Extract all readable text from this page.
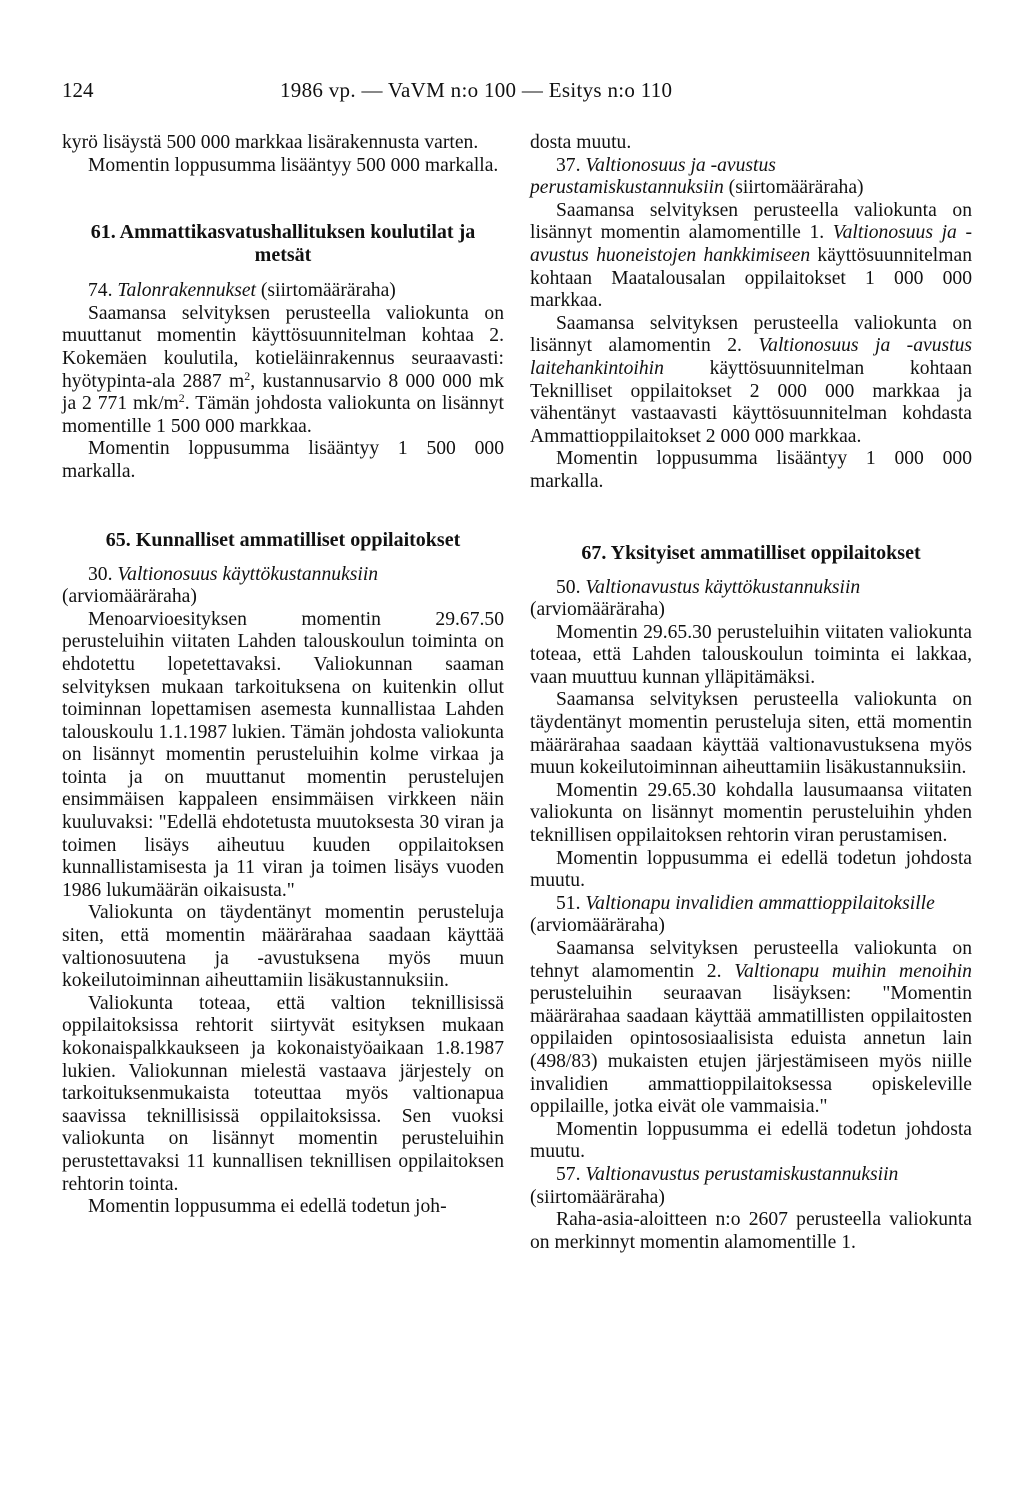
124	1986 vp. — VaVM n:o 100 — Esitys n:o 110

kyrö lisäystä 500 000 markkaa lisärakennusta varten.

Momentin loppusumma lisääntyy 500 000 markalla.

61. Ammattikasvatushallituksen koulutilat ja metsät

74. Talonrakennukset (siirtomääräraha)

Saamansa selvityksen perusteella valiokunta on muuttanut momentin käyttösuunnitelman kohtaa 2. Kokemäen koulutila, kotieläinrakennus seuraavasti: hyötypinta-ala 2887 $m^2$, kustannusarvio 8 000 000 mk ja 2 771 $mk/m^2$. Tämän johdosta valiokunta on lisännyt momentille 1 500 000 markkaa.

Momentin loppusumma lisääntyy 1 500 000 markalla.

65. Kunnalliset ammatilliset oppilaitokset

30. Valtionosuus käyttökustannuksiin (arviomääräraha)

Menoarvioesityksen momentin 29.67.50 perusteluihin viitaten Lahden talouskoulun toiminta on ehdotettu lopetettavaksi. Valiokunnan saaman selvityksen mukaan tarkoituksena on kuitenkin ollut toiminnan lopettamisen asemesta kunnallistaa Lahden talouskoulu 1.1.1987 lukien. Tämän johdosta valiokunta on lisännyt momentin perusteluihin kolme virkaa ja tointa ja on muuttanut momentin perustelujen ensimmäisen kappaleen ensimmäisen virkkeen näin kuuluvaksi: "Edellä ehdotetusta muutoksesta 30 viran ja toimen lisäys aiheutuu kuuden oppilaitoksen kunnallistamisesta ja 11 viran ja toimen lisäys vuoden 1986 lukumäärän oikaisusta."

Valiokunta on täydentänyt momentin perusteluja siten, että momentin määrärahaa saadaan käyttää valtionosuutena ja -avustuksena myös muun kokeilutoiminnan aiheuttamiin lisäkustannuksiin.

Valiokunta toteaa, että valtion teknillisissä oppilaitoksissa rehtorit siirtyvät esityksen mukaan kokonaispalkkaukseen ja kokonaistyöaikaan 1.8.1987 lukien. Valiokunnan mielestä vastaava järjestely on tarkoituksenmukaista toteuttaa myös valtionapua saavissa teknillisissä oppilaitoksissa. Sen vuoksi valiokunta on lisännyt momentin perusteluihin perustettavaksi 11 kunnallisen teknillisen oppilaitoksen rehtorin tointa.

Momentin loppusumma ei edellä todetun joh-

dosta muutu.

37. Valtionosuus ja -avustus perustamiskustannuksiin (siirtomääräraha)

Saamansa selvityksen perusteella valiokunta on lisännyt momentin alamomentille 1. Valtionosuus ja -avustus huoneistojen hankkimiseen käyttösuunnitelman kohtaan Maatalousalan oppilaitokset 1 000 000 markkaa.

Saamansa selvityksen perusteella valiokunta on lisännyt alamomentin 2. Valtionosuus ja -avustus laitehankintoihin käyttösuunnitelman kohtaan Teknilliset oppilaitokset 2 000 000 markkaa ja vähentänyt vastaavasti käyttösuunnitelman kohdasta Ammattioppilaitokset 2 000 000 markkaa.

Momentin loppusumma lisääntyy 1 000 000 markalla.

67. Yksityiset ammatilliset oppilaitokset

50. Valtionavustus käyttökustannuksiin (arviomääräraha)

Momentin 29.65.30 perusteluihin viitaten valiokunta toteaa, että Lahden talouskoulun toiminta ei lakkaa, vaan muuttuu kunnan ylläpitämäksi.

Saamansa selvityksen perusteella valiokunta on täydentänyt momentin perusteluja siten, että momentin määrärahaa saadaan käyttää valtionavustuksena myös muun kokeilutoiminnan aiheuttamiin lisäkustannuksiin.

Momentin 29.65.30 kohdalla lausumaansa viitaten valiokunta on lisännyt momentin perusteluihin yhden teknillisen oppilaitoksen rehtorin viran perustamisen.

Momentin loppusumma ei edellä todetun johdosta muutu.

51. Valtionapu invalidien ammattioppilaitoksille (arviomääräraha)

Saamansa selvityksen perusteella valiokunta on tehnyt alamomentin 2. Valtionapu muihin menoihin perusteluihin seuraavan lisäyksen: "Momentin määrärahaa saadaan käyttää ammatillisten oppilaitosten oppilaiden opintososiaalisista eduista annetun lain (498/83) mukaisten etujen järjestämiseen myös niille invalidien ammattioppilaitoksessa opiskeleville oppilaille, jotka eivät ole vammaisia."

Momentin loppusumma ei edellä todetun johdosta muutu.

57. Valtionavustus perustamiskustannuksiin (siirtomääräraha)

Raha-asia-aloitteen n:o 2607 perusteella valiokunta on merkinnyt momentin alamomentille 1.
